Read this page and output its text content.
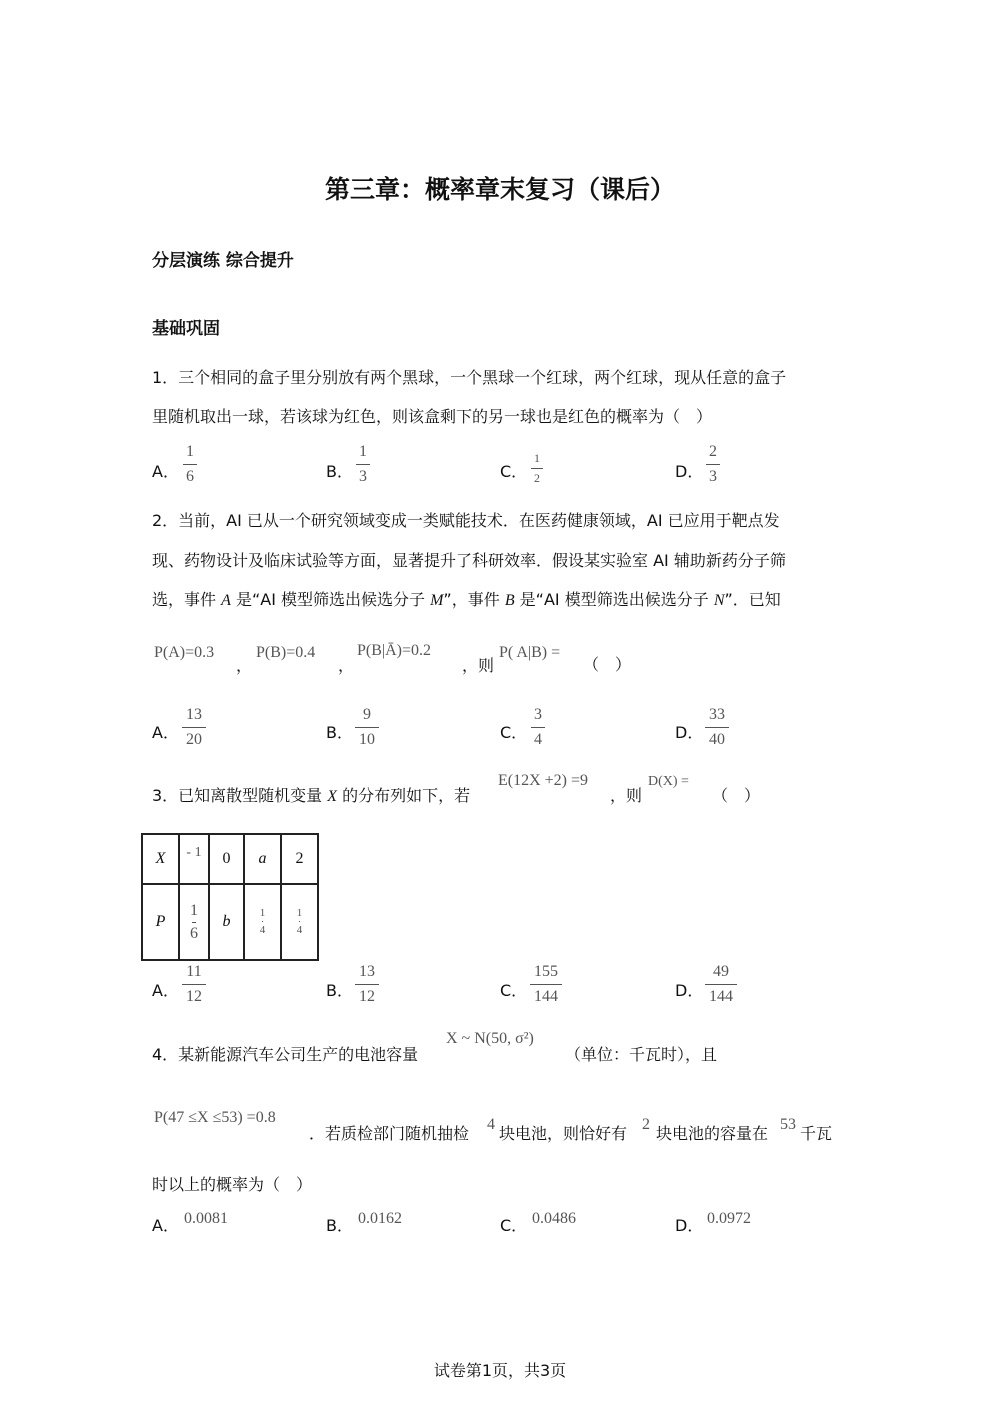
第三章：概率章末复习（课后）
分层演练 综合提升
基础巩固
1．三个相同的盒子里分别放有两个黑球，一个黑球一个红球，两个红球，现从任意的盒子
里随机取出一球，若该球为红色，则该盒剩下的另一球也是红色的概率为（　）
A．
1
6	B．
1
3	C．
1
2	D．
2
3
2．当前，AI 已从一个研究领域变成一类赋能技术．在医药健康领域，AI 已应用于靶点发
现、药物设计及临床试验等方面，显著提升了科研效率．假设某实验室 AI 辅助新药分子筛
选，事件 A 是“AI 模型筛选出候选分子 M”，事件 B 是“AI 模型筛选出候选分子 N”．已知
P(A)=0.3
，
P(B)=0.4
，
P(B|Ā)=0.2
，则
P( A|B) =
（　）
A．
13
20	B．
9
10	C．
3
4	D．
33
40
3．已知离散型随机变量 X 的分布列如下，若
E(12X +2) =9
，则
D(X) =
（　）
X	- 1	0	a	2
P	$\frac{1}{6}$	b	$\frac{1}{4}$	$\frac{1}{4}$
A．
11
12	B．
13
12	C．
155
144	D．
49
144
4．某新能源汽车公司生产的电池容量
X ~ N(50, σ²)
（单位：千瓦时），且
P(47 ≤X ≤53) =0.8
．若质检部门随机抽检 4 块电池，则恰好有 2 块电池的容量在 53 千瓦
时以上的概率为（　）
A． 0.0081	B． 0.0162	C． 0.0486	D． 0.0972
试卷第1页，共3页
